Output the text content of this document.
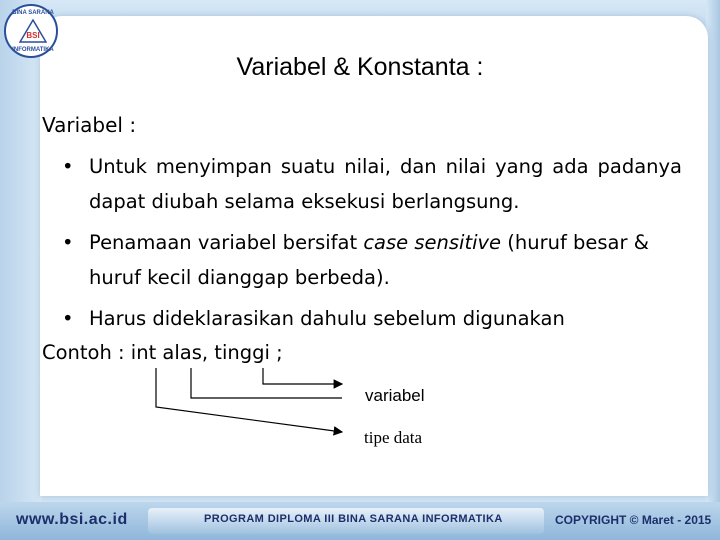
BINA SARANA
BSI
INFORMATIKA
Variabel & Konstanta :
Variabel :
• Untuk menyimpan suatu nilai, dan nilai yang ada padanya dapat diubah selama eksekusi berlangsung.
• Penamaan variabel bersifat case sensitive (huruf besar & huruf kecil dianggap berbeda).
• Harus dideklarasikan dahulu sebelum digunakan
Contoh : int alas, tinggi ;
variabel
tipe data
www.bsi.ac.id	PROGRAM DIPLOMA III BINA SARANA INFORMATIKA	COPYRIGHT © Maret - 2015
